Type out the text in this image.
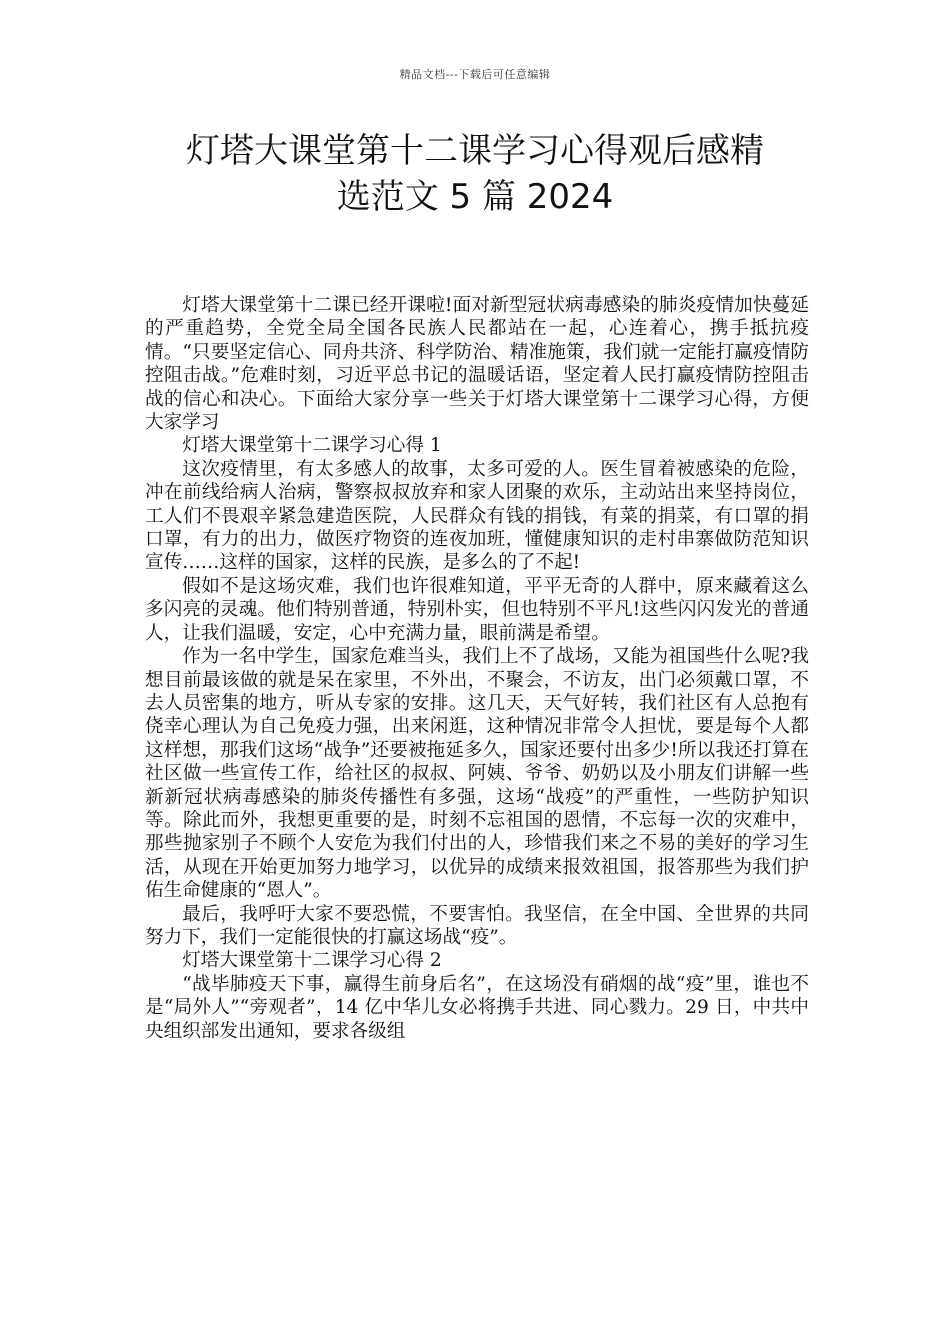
精品文档---下载后可任意编辑
灯塔大课堂第十二课学习心得观后感精
选范文 5 篇 2024

灯塔大课堂第十二课已经开课啦!面对新型冠状病毒感染的肺炎疫情加快蔓延的严重趋势，全党全局全国各民族人民都站在一起，心连着心，携手抵抗疫情。“只要坚定信心、同舟共济、科学防治、精准施策，我们就一定能打赢疫情防控阻击战。”危难时刻，习近平总书记的温暖话语，坚定着人民打赢疫情防控阻击战的信心和决心。下面给大家分享一些关于灯塔大课堂第十二课学习心得，方便大家学习

灯塔大课堂第十二课学习心得 1

这次疫情里，有太多感人的故事，太多可爱的人。医生冒着被感染的危险，冲在前线给病人治病，警察叔叔放弃和家人团聚的欢乐，主动站出来坚持岗位，工人们不畏艰辛紧急建造医院，人民群众有钱的捐钱，有菜的捐菜，有口罩的捐口罩，有力的出力，做医疗物资的连夜加班，懂健康知识的走村串寨做防范知识宣传……这样的国家，这样的民族，是多么的了不起!

假如不是这场灾难，我们也许很难知道，平平无奇的人群中，原来藏着这么多闪亮的灵魂。他们特别普通，特别朴实，但也特别不平凡!这些闪闪发光的普通人，让我们温暖，安定，心中充满力量，眼前满是希望。

作为一名中学生，国家危难当头，我们上不了战场，又能为祖国些什么呢?我想目前最该做的就是呆在家里，不外出，不聚会，不访友，出门必须戴口罩，不去人员密集的地方，听从专家的安排。这几天，天气好转，我们社区有人总抱有侥幸心理认为自己免疫力强，出来闲逛，这种情况非常令人担忧，要是每个人都这样想，那我们这场“战争”还要被拖延多久，国家还要付出多少!所以我还打算在社区做一些宣传工作，给社区的叔叔、阿姨、爷爷、奶奶以及小朋友们讲解一些新新冠状病毒感染的肺炎传播性有多强，这场“战疫”的严重性，一些防护知识等。除此而外，我想更重要的是，时刻不忘祖国的恩情，不忘每一次的灾难中，那些抛家别子不顾个人安危为我们付出的人，珍惜我们来之不易的美好的学习生活，从现在开始更加努力地学习，以优异的成绩来报效祖国，报答那些为我们护佑生命健康的“恩人”。

最后，我呼吁大家不要恐慌，不要害怕。我坚信，在全中国、全世界的共同努力下，我们一定能很快的打赢这场战“疫”。

灯塔大课堂第十二课学习心得 2

“战毕肺疫天下事，赢得生前身后名”，在这场没有硝烟的战“疫”里，谁也不是“局外人”“旁观者”，14 亿中华儿女必将携手共进、同心戮力。29 日，中共中央组织部发出通知，要求各级组
